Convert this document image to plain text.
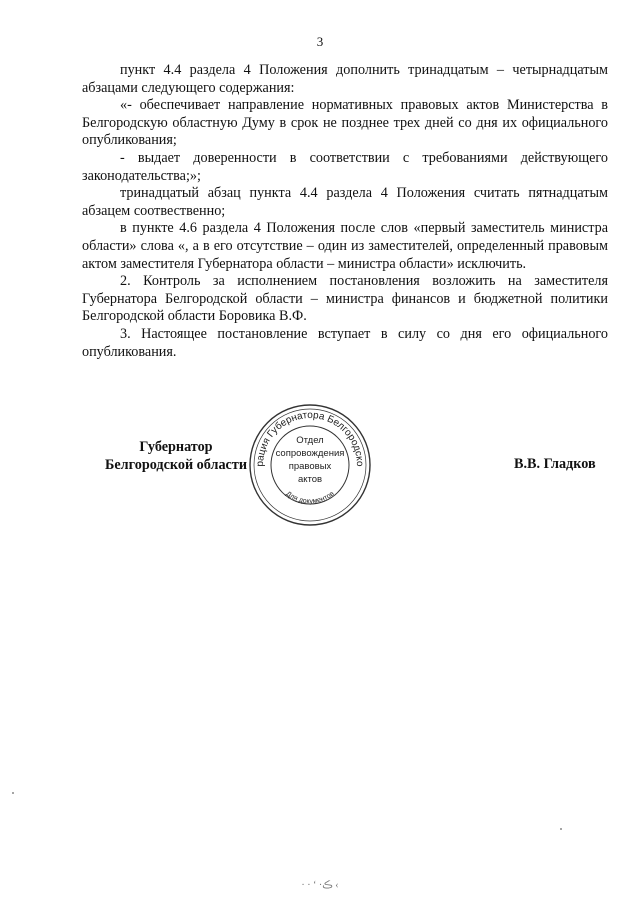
3

пункт 4.4 раздела 4 Положения дополнить тринадцатым – четырнадцатым абзацами следующего содержания:

«- обеспечивает направление нормативных правовых актов Министерства в Белгородскую областную Думу в срок не позднее трех дней со дня их официального опубликования;

- выдает доверенности в соответствии с требованиями действующего законодательства;»;

тринадцатый абзац пункта 4.4 раздела 4 Положения считать пятнадцатым абзацем соотвественно;

в пункте 4.6 раздела 4 Положения после слов «первый заместитель министра области» слова «, а в его отсутствие – один из заместителей, определенный правовым актом заместителя Губернатора области – министра области» исключить.

2. Контроль за исполнением постановления возложить на заместителя Губернатора Белгородской области – министра финансов и бюджетной политики Белгородской области Боровика В.Ф.

3. Настоящее постановление вступает в силу со дня его официального опубликования.

Губернатор
Белгородской области
Администрация Губернатора Белгородской области
Для документов
Отдел
сопровождения
правовых
актов
В.В. Гладков
· · ‘ ·ڪ ‹
